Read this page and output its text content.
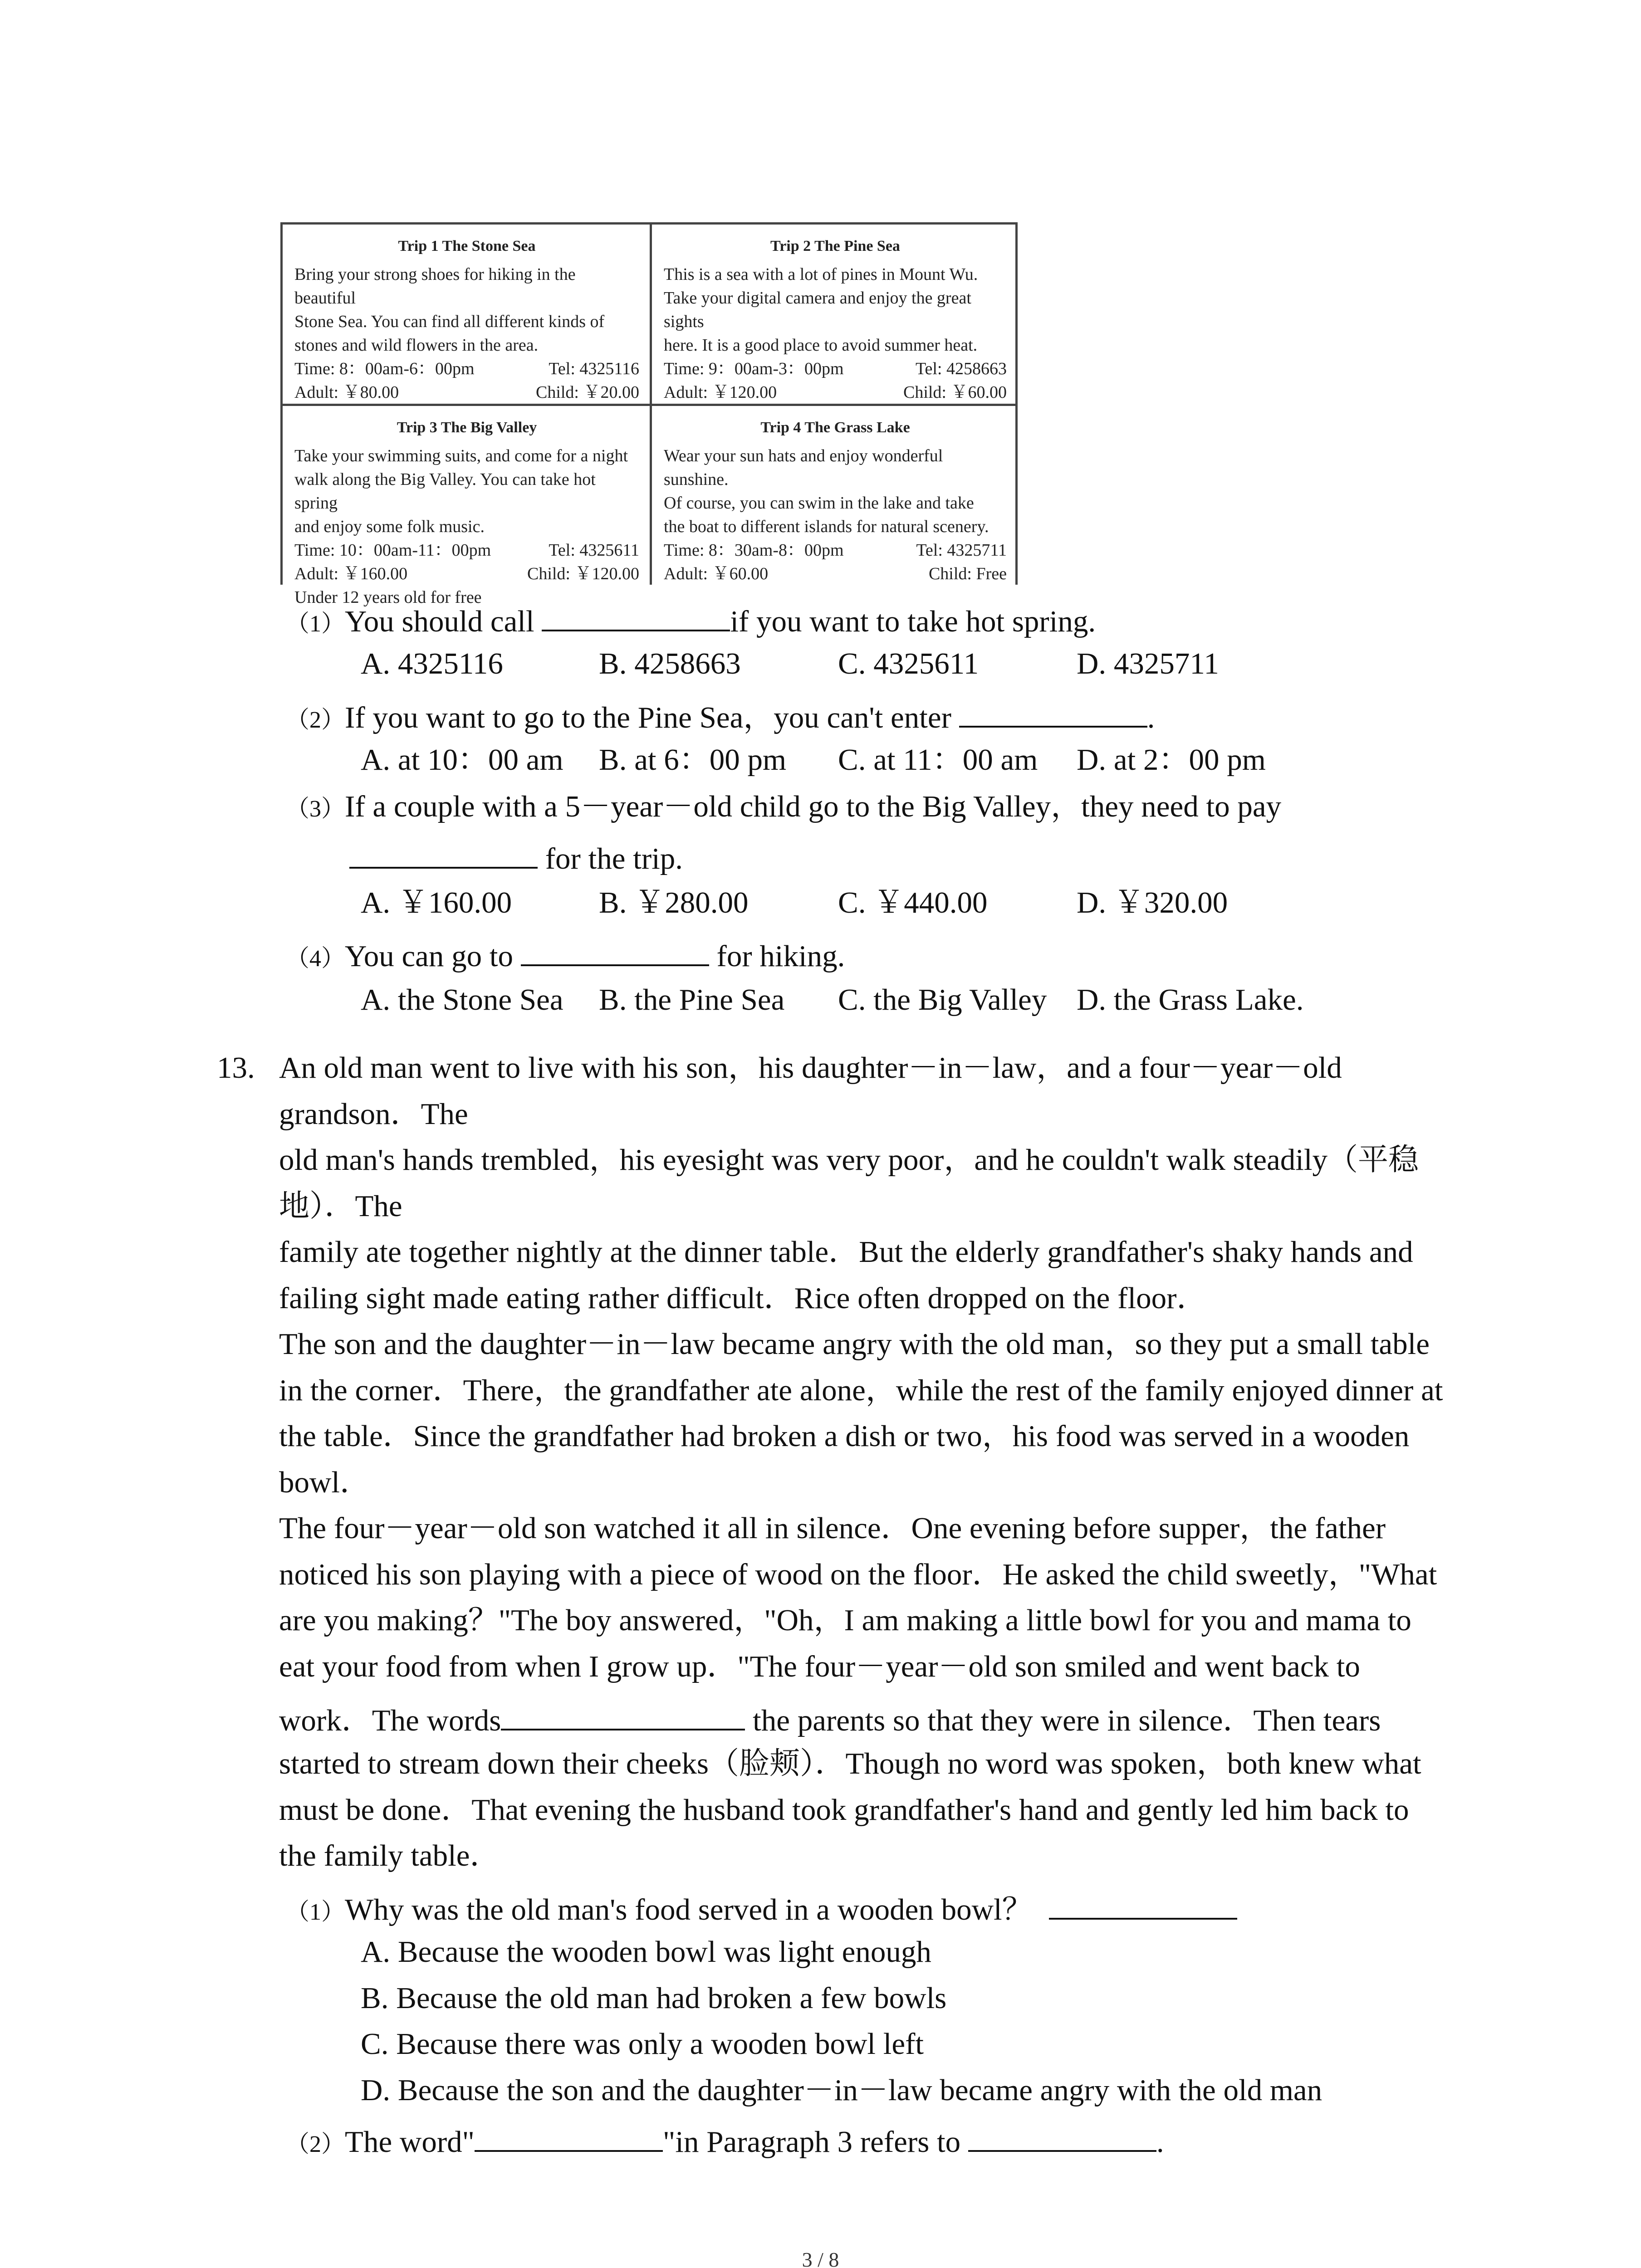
Trip 1 The Stone Sea
Bring your strong shoes for hiking in the beautiful
Stone Sea. You can find all different kinds of
stones and wild flowers in the area.
Time: 8：00am-6：00pm	Tel: 4325116
Adult: ￥80.00	Child: ￥20.00
Trip 2 The Pine Sea
This is a sea with a lot of pines in Mount Wu.
Take your digital camera and enjoy the great sights
here. It is a good place to avoid summer heat.
Time: 9：00am-3：00pm	Tel: 4258663
Adult: ￥120.00	Child: ￥60.00
Trip 3 The Big Valley
Take your swimming suits, and come for a night
walk along the Big Valley. You can take hot spring
and enjoy some folk music.
Time: 10：00am-11：00pm	Tel: 4325611
Adult: ￥160.00	Child: ￥120.00
Under 12 years old for free
Trip 4 The Grass Lake
Wear your sun hats and enjoy wonderful sunshine.
Of course, you can swim in the lake and take
the boat to different islands for natural scenery.
Time: 8：30am-8：00pm	Tel: 4325711
Adult: ￥60.00	Child: Free
（1）You should call	if you want to take hot spring.
A. 4325116	B. 4258663	C. 4325611	D. 4325711
（2）If you want to go to the Pine Sea，you can't enter	.
A. at 10：00 am B. at 6：00 pm C. at 11：00 am D. at 2：00 pm
（3）If a couple with a 5－year－old child go to the Big Valley，they need to pay
for the trip.
A. ￥160.00	B. ￥280.00	C. ￥440.00	D. ￥320.00
（4）You can go to	for hiking.
A. the Stone Sea B. the Pine Sea C. the Big Valley D. the Grass Lake.
13. An old man went to live with his son，his daughter－in－law，and a four－year－old
grandson．The
old man's hands trembled，his eyesight was very poor，and he couldn't walk steadily（平稳
地）．The
family ate together nightly at the dinner table．But the elderly grandfather's shaky hands and
failing sight made eating rather difficult．Rice often dropped on the floor．
The son and the daughter－in－law became angry with the old man，so they put a small table
in the corner．There，the grandfather ate alone，while the rest of the family enjoyed dinner at
the table．Since the grandfather had broken a dish or two，his food was served in a wooden
bowl．
The four－year－old son watched it all in silence．One evening before supper，the father
noticed his son playing with a piece of wood on the floor．He asked the child sweetly，"What
are you making？"The boy answered，"Oh，I am making a little bowl for you and mama to
eat your food from when I grow up．"The four－year－old son smiled and went back to
work．The words	the parents so that they were in silence．Then tears
started to stream down their cheeks（脸颊）．Though no word was spoken，both knew what
must be done．That evening the husband took grandfather's hand and gently led him back to
the family table．
（1）Why was the old man's food served in a wooden bowl？
A. Because the wooden bowl was light enough
B. Because the old man had broken a few bowls
C. Because there was only a wooden bowl left
D. Because the son and the daughter－in－law became angry with the old man
（2）The word"	"in Paragraph 3 refers to	.
3 / 8
